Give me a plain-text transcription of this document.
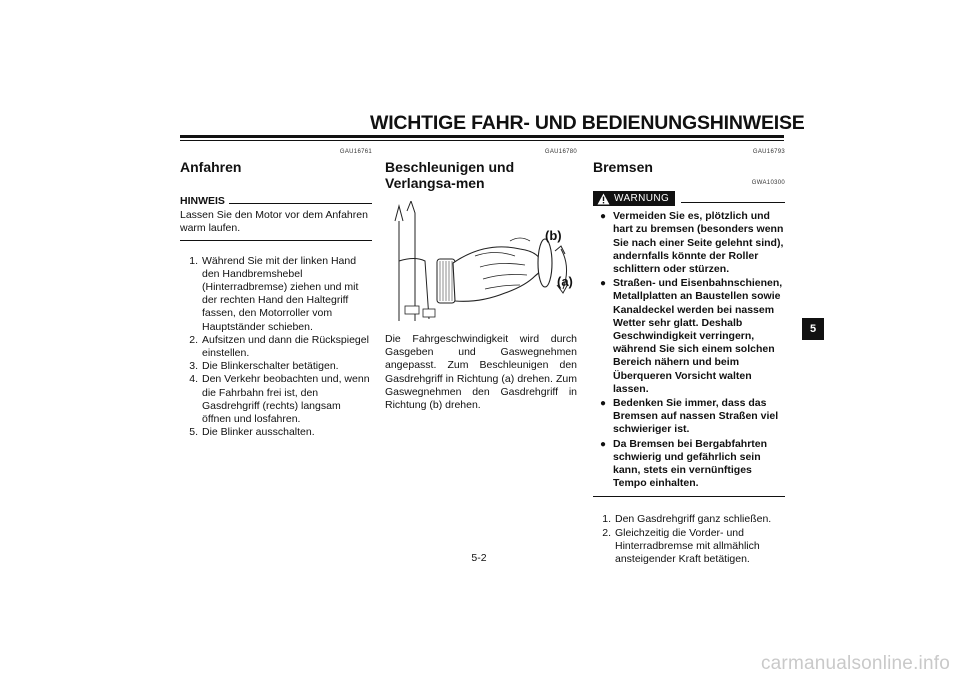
WICHTIGE FAHR- UND BEDIENUNGSHINWEISE
GAU16761
Anfahren
HINWEIS
Lassen Sie den Motor vor dem Anfahren warm laufen.
1. Während Sie mit der linken Hand den Handbremshebel (Hinterradbremse) ziehen und mit der rechten Hand den Haltegriff fassen, den Motorroller vom Hauptständer schieben.
2. Aufsitzen und dann die Rückspiegel einstellen.
3. Die Blinkerschalter betätigen.
4. Den Verkehr beobachten und, wenn die Fahrbahn frei ist, den Gasdrehgriff (rechts) langsam öffnen und losfahren.
5. Die Blinker ausschalten.
GAU16780
Beschleunigen und Verlangsa-men
(b)
(a)
Die Fahrgeschwindigkeit wird durch Gasgeben und Gaswegnehmen angepasst. Zum Beschleunigen den Gasdrehgriff in Richtung (a) drehen. Zum Gaswegnehmen den Gasdrehgriff in Richtung (b) drehen.
GAU16793
Bremsen
GWA10300
WARNUNG
● Vermeiden Sie es, plötzlich und hart zu bremsen (besonders wenn Sie nach einer Seite gelehnt sind), andernfalls könnte der Roller schlittern oder stürzen.
● Straßen- und Eisenbahnschienen, Metallplatten an Baustellen sowie Kanaldeckel werden bei nassem Wetter sehr glatt. Deshalb Geschwindigkeit verringern, während Sie sich einem solchen Bereich nähern und beim Überqueren Vorsicht walten lassen.
● Bedenken Sie immer, dass das Bremsen auf nassen Straßen viel schwieriger ist.
● Da Bremsen bei Bergabfahrten schwierig und gefährlich sein kann, stets ein vernünftiges Tempo einhalten.
1. Den Gasdrehgriff ganz schließen.
2. Gleichzeitig die Vorder- und Hinterradbremse mit allmählich ansteigender Kraft betätigen.
5
5-2
carmanualsonline.info
